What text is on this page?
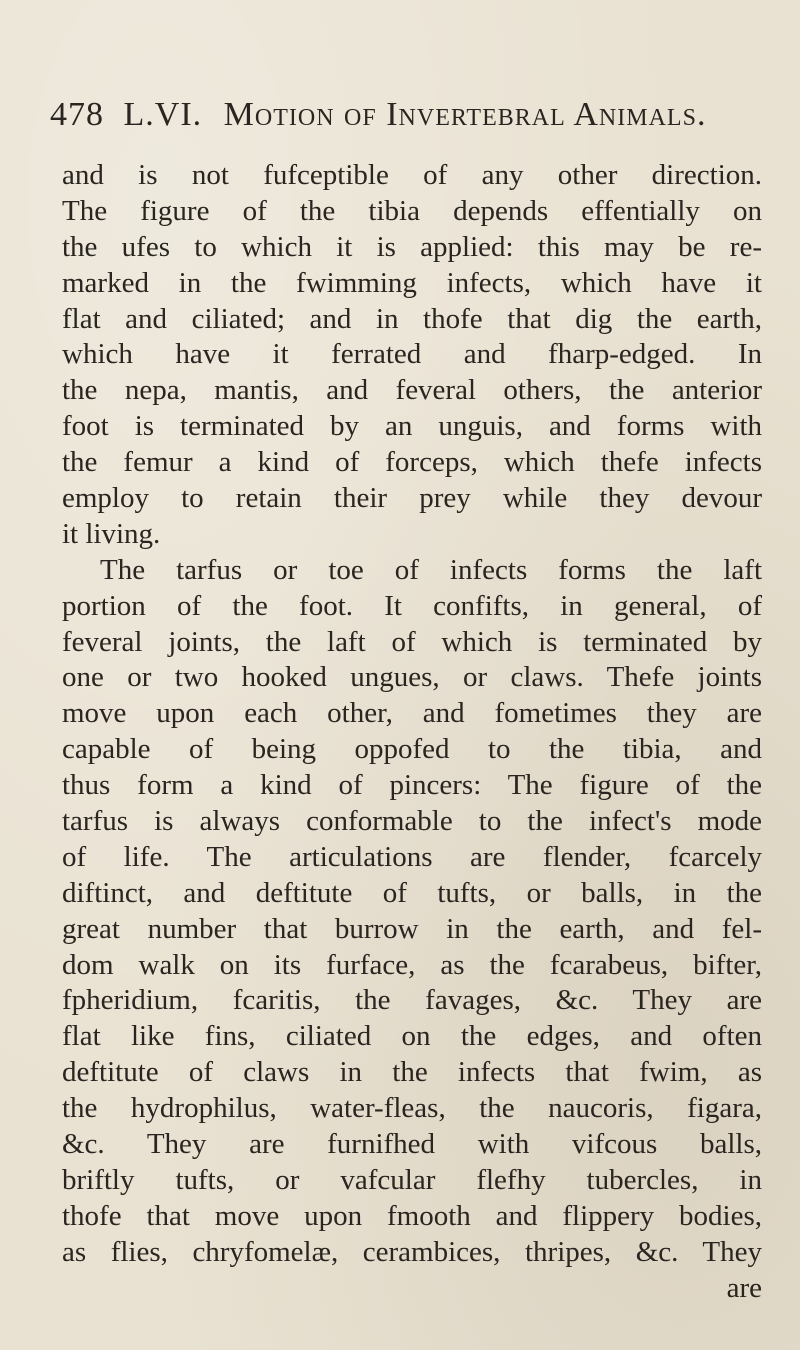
478 L.VI. Motion of Invertebral Animals.
and is not fufceptible of any other direction.
The figure of the tibia depends effentially on
the ufes to which it is applied: this may be re-
marked in the fwimming infects, which have it
flat and ciliated; and in thofe that dig the earth,
which have it ferrated and fharp-edged. In
the nepa, mantis, and feveral others, the anterior
foot is terminated by an unguis, and forms with
the femur a kind of forceps, which thefe infects
employ to retain their prey while they devour
it living.
The tarfus or toe of infects forms the laft
portion of the foot. It confifts, in general, of
feveral joints, the laft of which is terminated by
one or two hooked ungues, or claws. Thefe joints
move upon each other, and fometimes they are
capable of being oppofed to the tibia, and
thus form a kind of pincers: The figure of the
tarfus is always conformable to the infect's mode
of life. The articulations are flender, fcarcely
diftinct, and deftitute of tufts, or balls, in the
great number that burrow in the earth, and fel-
dom walk on its furface, as the fcarabeus, bifter,
fpheridium, fcaritis, the favages, &c. They are
flat like fins, ciliated on the edges, and often
deftitute of claws in the infects that fwim, as
the hydrophilus, water-fleas, the naucoris, figara,
&c. They are furnifhed with vifcous balls,
briftly tufts, or vafcular flefhy tubercles, in
thofe that move upon fmooth and flippery bodies,
as flies, chryfomelæ, cerambices, thripes, &c. They
are
